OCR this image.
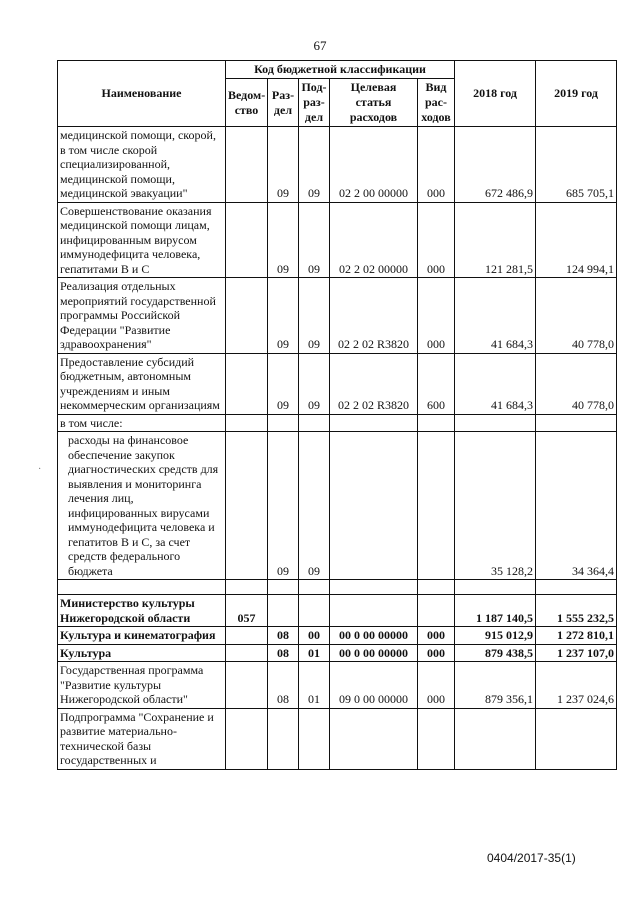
67
Наименование	Код бюджетной классификации					2018 год	2019 год
	Ведом-ство	Раз-дел	Под-раз-дел	Целевая статья расходов	Вид рас-ходов		
медицинской помощи, скорой, в том числе скорой специализированной, медицинской помощи, медицинской эвакуации"		09	09	02 2 00 00000	000	672 486,9	685 705,1
Совершенствование оказания медицинской помощи лицам, инфицированным вирусом иммунодефицита человека, гепатитами В и С		09	09	02 2 02 00000	000	121 281,5	124 994,1
Реализация отдельных мероприятий государственной программы Российской Федерации "Развитие здравоохранения"		09	09	02 2 02 R3820	000	41 684,3	40 778,0
Предоставление субсидий бюджетным, автономным учреждениям и иным некоммерческим организациям		09	09	02 2 02 R3820	600	41 684,3	40 778,0
в том числе:							
расходы на финансовое обеспечение закупок диагностических средств для выявления и мониторинга лечения лиц, инфицированных вирусами иммунодефицита человека и гепатитов В и С, за счет средств федерального бюджета		09	09			35 128,2	34 364,4

Министерство культуры Нижегородской области	057					1 187 140,5	1 555 232,5
Культура и кинематография		08	00	00 0 00 00000	000	915 012,9	1 272 810,1
Культура		08	01	00 0 00 00000	000	879 438,5	1 237 107,0
Государственная программа "Развитие культуры Нижегородской области"		08	01	09 0 00 00000	000	879 356,1	1 237 024,6
Подпрограмма "Сохранение и развитие материально-технической базы государственных и							
0404/2017-35(1)
·
